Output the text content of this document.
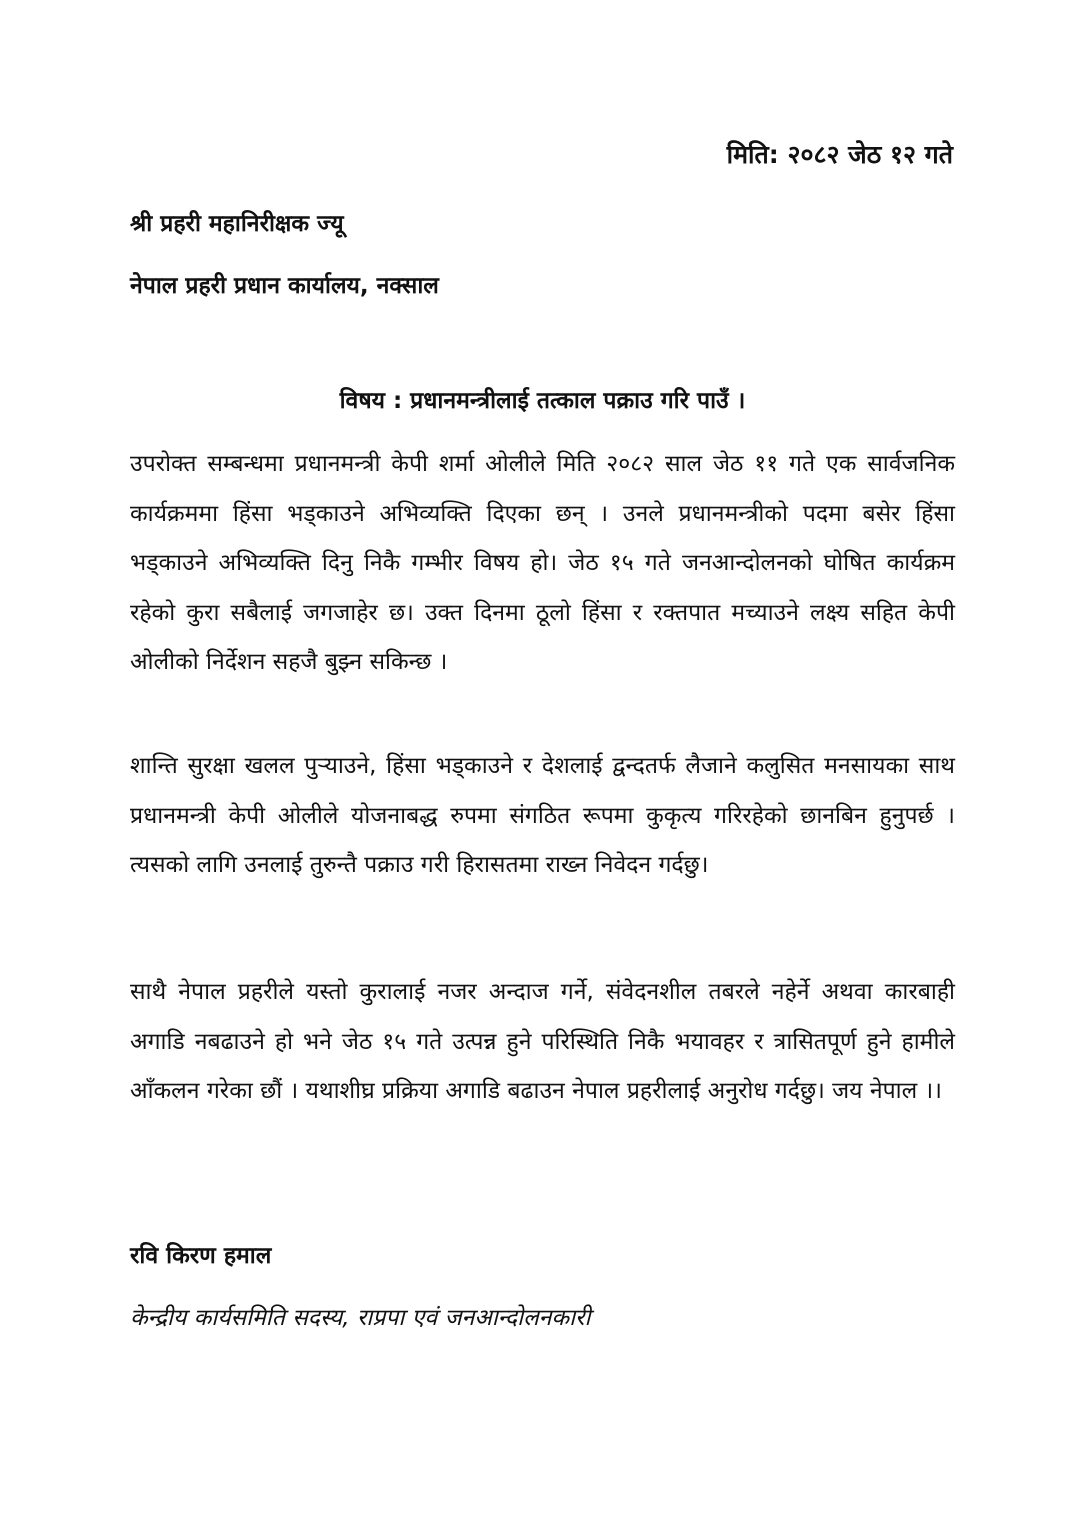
मिति: २०८२ जेठ १२ गते
श्री प्रहरी महानिरीक्षक ज्यू
नेपाल प्रहरी प्रधान कार्यालय, नक्साल
विषय : प्रधानमन्त्रीलाई तत्काल पक्राउ गरि पाउँ ।

उपरोक्त सम्बन्धमा प्रधानमन्त्री केपी शर्मा ओलीले मिति २०८२ साल जेठ ११ गते एक सार्वजनिक कार्यक्रममा हिंसा भड्काउने अभिव्यक्ति दिएका छन् । उनले प्रधानमन्त्रीको पदमा बसेर हिंसा भड्काउने अभिव्यक्ति दिनु निकै गम्भीर विषय हो। जेठ १५ गते जनआन्दोलनको घोषित कार्यक्रम रहेको कुरा सबैलाई जगजाहेर छ। उक्त दिनमा ठूलो हिंसा र रक्तपात मच्याउने लक्ष्य सहित केपी ओलीको निर्देशन सहजै बुझ्न सकिन्छ ।

शान्ति सुरक्षा खलल पुऱ्याउने, हिंसा भड्काउने र देशलाई द्वन्दतर्फ लैजाने कलुसित मनसायका साथ प्रधानमन्त्री केपी ओलीले योजनाबद्ध रुपमा संगठित रूपमा कुकृत्य गरिरहेको छानबिन हुनुपर्छ । त्यसको लागि उनलाई तुरुन्तै पक्राउ गरी हिरासतमा राख्न निवेदन गर्दछु।

साथै नेपाल प्रहरीले यस्तो कुरालाई नजर अन्दाज गर्ने, संवेदनशील तबरले नहेर्ने अथवा कारबाही अगाडि नबढाउने हो भने जेठ १५ गते उत्पन्न हुने परिस्थिति निकै भयावहर र त्रासितपूर्ण हुने हामीले आँकलन गरेका छौं । यथाशीघ्र प्रक्रिया अगाडि बढाउन नेपाल प्रहरीलाई अनुरोध गर्दछु। जय नेपाल ।।

रवि किरण हमाल
केन्द्रीय कार्यसमिति सदस्य, राप्रपा एवं जनआन्दोलनकारी
